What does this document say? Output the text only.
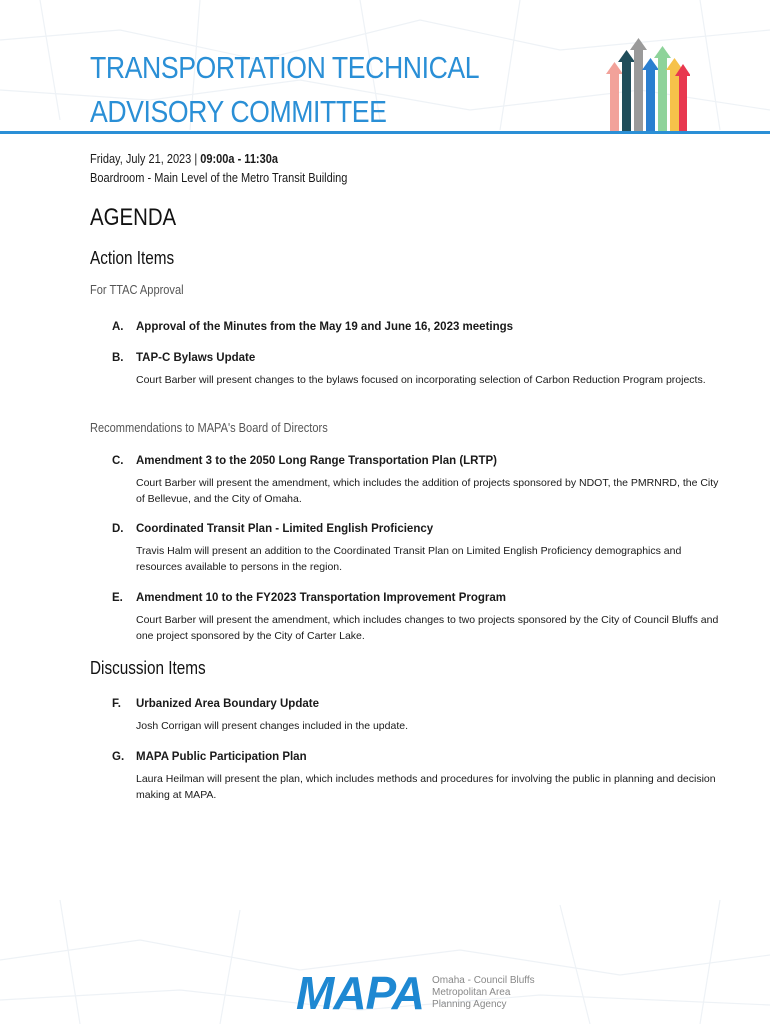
TRANSPORTATION TECHNICAL
ADVISORY COMMITTEE
Friday, July 21, 2023 | 09:00a - 11:30a
Boardroom - Main Level of the Metro Transit Building
AGENDA
Action Items
For TTAC Approval
A.	Approval of the Minutes from the May 19 and June 16, 2023 meetings
B.	TAP-C Bylaws Update
Court Barber will present changes to the bylaws focused on incorporating selection of Carbon Reduction Program projects.
Recommendations to MAPA's Board of Directors
C.	Amendment 3 to the 2050 Long Range Transportation Plan (LRTP)
Court Barber will present the amendment, which includes the addition of projects sponsored by NDOT, the PMRNRD, the City of Bellevue, and the City of Omaha.
D.	Coordinated Transit Plan - Limited English Proficiency
Travis Halm will present an addition to the Coordinated Transit Plan on Limited English Proficiency demographics and resources available to persons in the region.
E.	Amendment 10 to the FY2023 Transportation Improvement Program
Court Barber will present the amendment, which includes changes to two projects sponsored by the City of Council Bluffs and one project sponsored by the City of Carter Lake.
Discussion Items
F.	Urbanized Area Boundary Update
Josh Corrigan will present changes included in the update.
G.	MAPA Public Participation Plan
Laura Heilman will present the plan, which includes methods and procedures for involving the public in planning and decision making at MAPA.
MAPA Omaha - Council Bluffs
Metropolitan Area
Planning Agency
